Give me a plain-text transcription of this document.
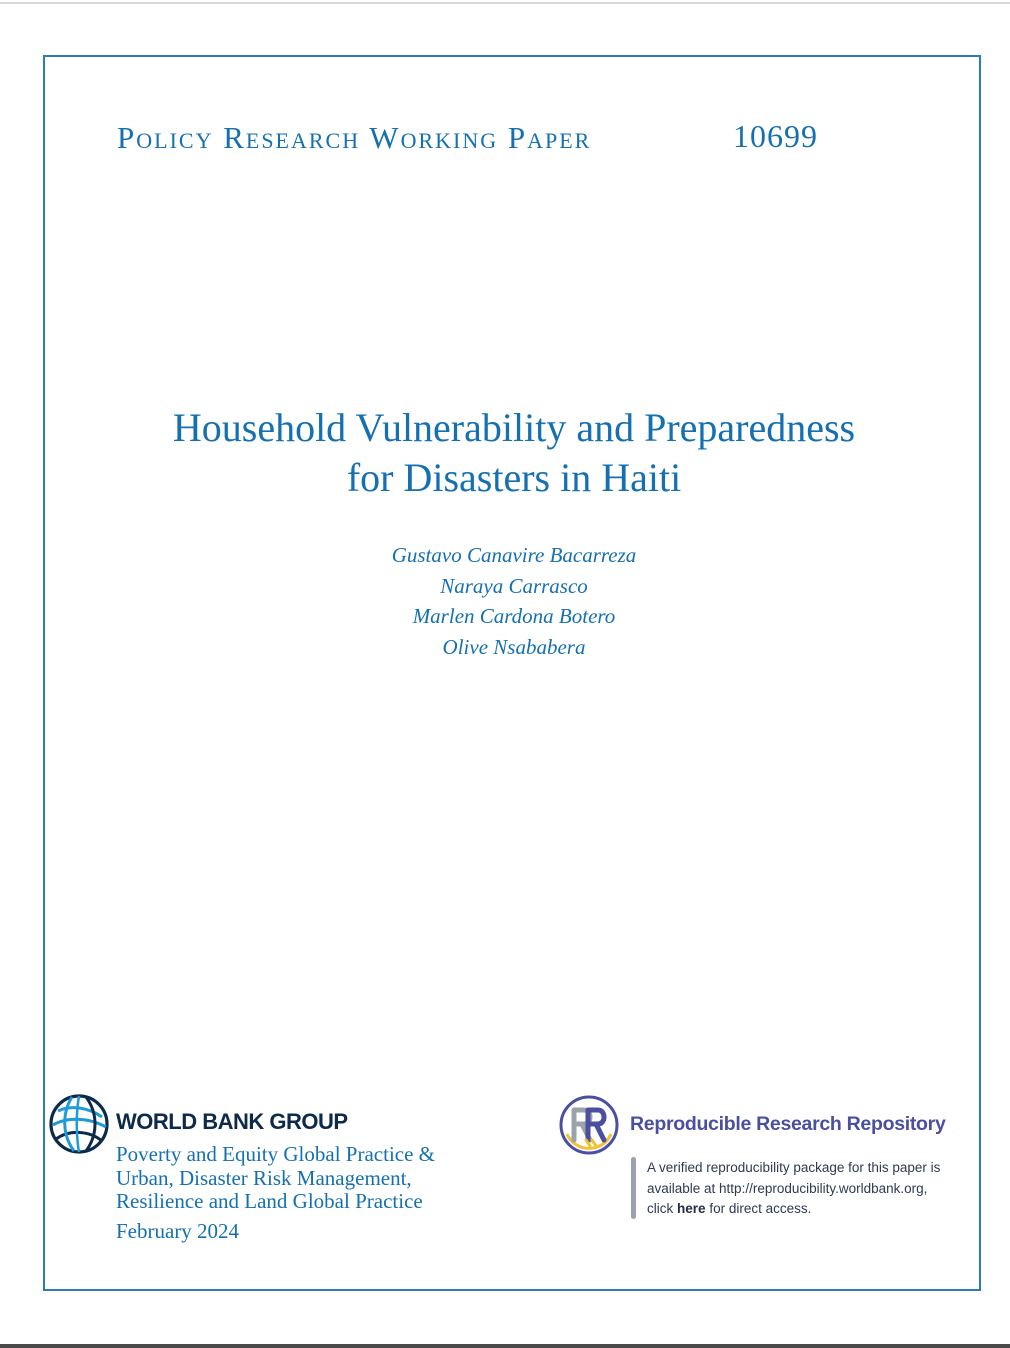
Policy Research Working Paper	10699
Household Vulnerability and Preparedness
for Disasters in Haiti
Gustavo Canavire Bacarreza
Naraya Carrasco
Marlen Cardona Botero
Olive Nsababera
WORLD BANK GROUP
Poverty and Equity Global Practice &
Urban, Disaster Risk Management,
Resilience and Land Global Practice
February 2024
Reproducible Research Repository
A verified reproducibility package for this paper is
available at http://reproducibility.worldbank.org,
click here for direct access.
